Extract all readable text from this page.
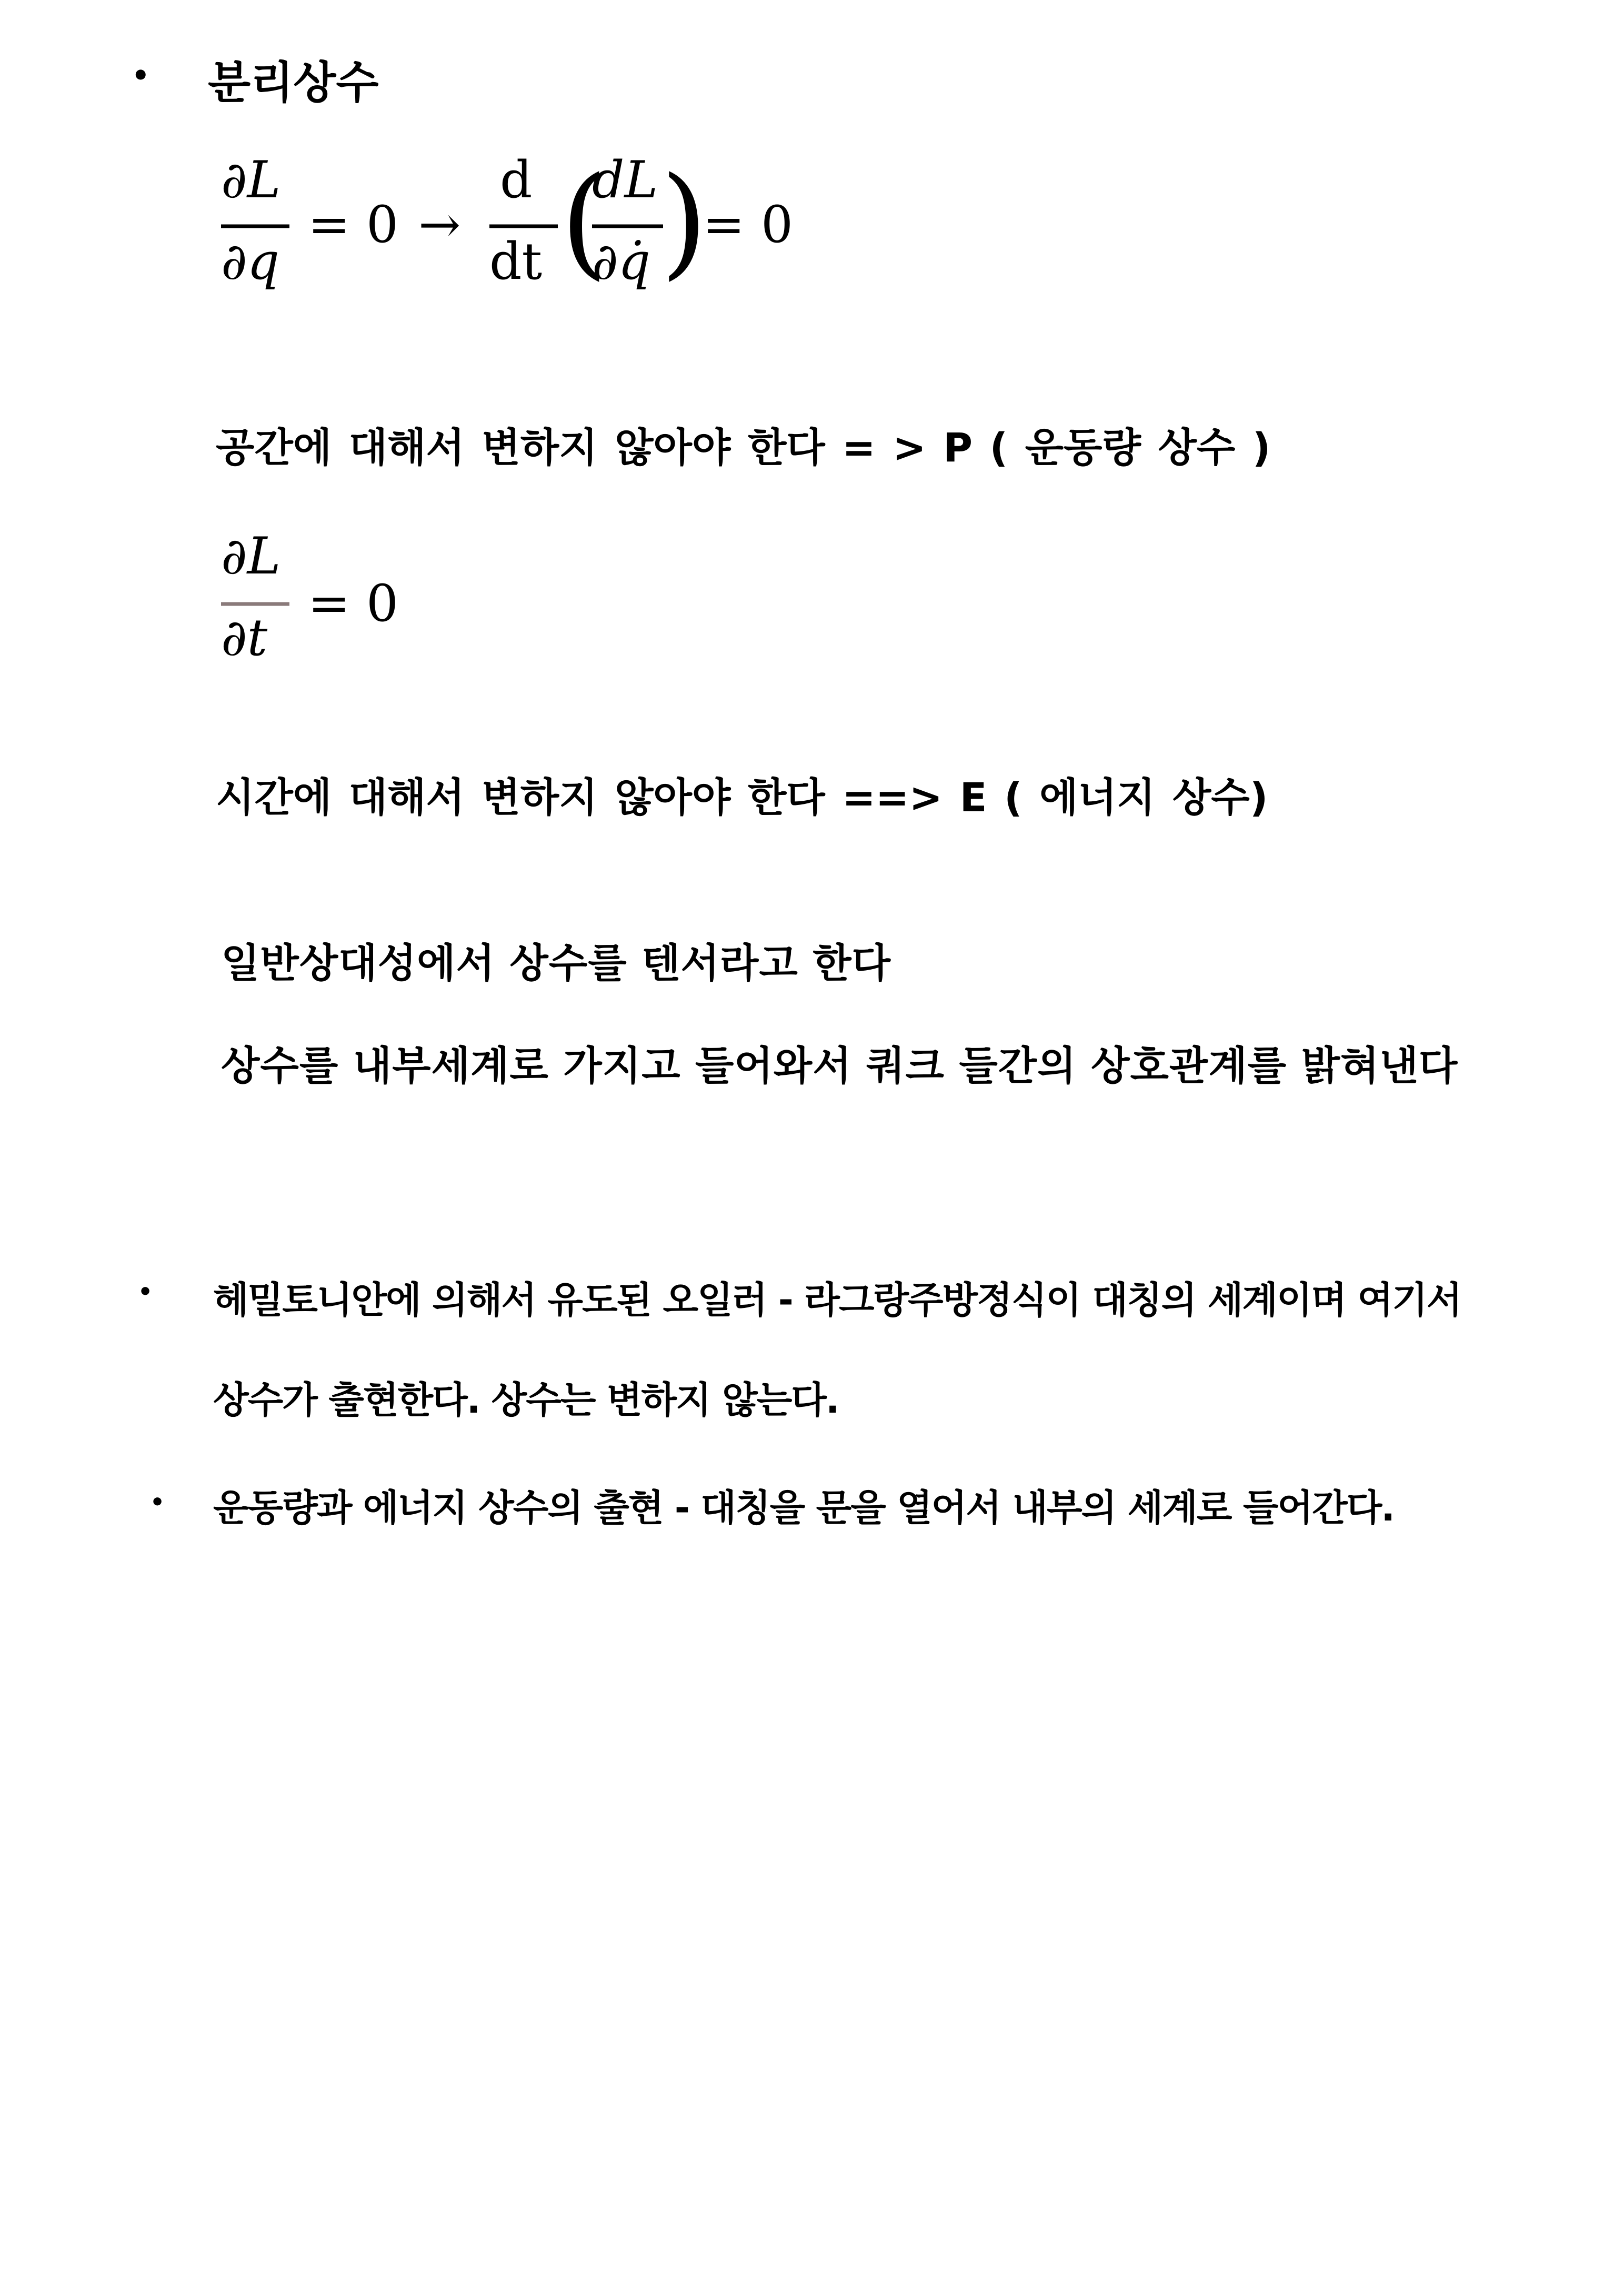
• 분리상수
∂L
∂q
= 0 →
d
dt (
dL
∂q̇ )
= 0
공간에 대해서 변하지 않아야 한다 = > P ( 운동량 상수 )
∂L
∂t
= 0
시간에 대해서 변하지 않아야 한다 ==> E ( 에너지 상수)
일반상대성에서 상수를 텐서라고 한다
상수를 내부세계로 가지고 들어와서 쿼크 들간의 상호관계를 밝혀낸다
• 헤밀토니안에 의해서 유도된 오일러 - 라그랑주방정식이 대칭의 세계이며 여기서
상수가 출현한다. 상수는 변하지 않는다.
• 운동량과 에너지 상수의 출현 - 대칭을 문을 열어서 내부의 세계로 들어간다.
